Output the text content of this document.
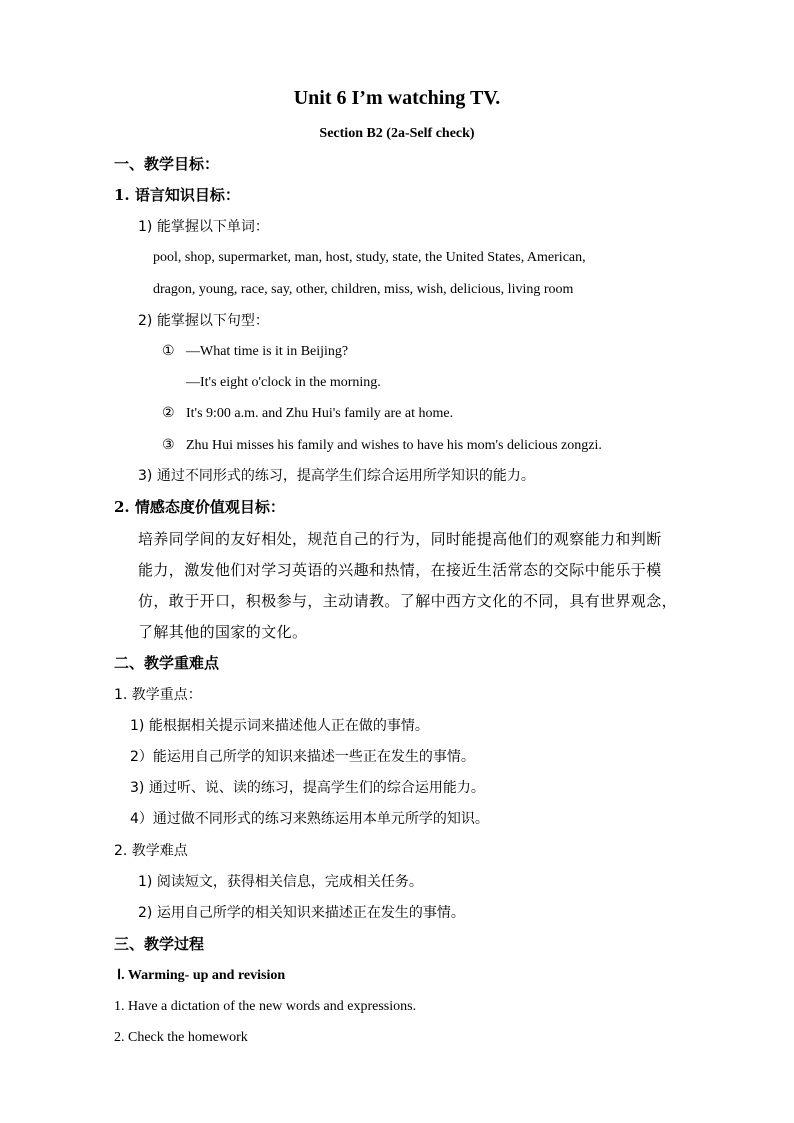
Unit 6 I’m watching TV.
Section B2 (2a-Self check)
一、教学目标：
1. 语言知识目标：
1) 能掌握以下单词：
pool, shop, supermarket, man, host, study, state, the United States, American,
dragon, young, race, say, other, children, miss, wish, delicious, living room
2) 能掌握以下句型：
① —What time is it in Beijing?
—It's eight o'clock in the morning.
② It's 9:00 a.m. and Zhu Hui's family are at home.
③ Zhu Hui misses his family and wishes to have his mom's delicious zongzi.
3) 通过不同形式的练习，提高学生们综合运用所学知识的能力。
2. 情感态度价值观目标：
培养同学间的友好相处，规范自己的行为，同时能提高他们的观察能力和判断
能力，激发他们对学习英语的兴趣和热情，在接近生活常态的交际中能乐于模
仿，敢于开口，积极参与，主动请教。了解中西方文化的不同，具有世界观念，
了解其他的国家的文化。
二、教学重难点
1. 教学重点：
1) 能根据相关提示词来描述他人正在做的事情。
2）能运用自己所学的知识来描述一些正在发生的事情。
3) 通过听、说、读的练习，提高学生们的综合运用能力。
4）通过做不同形式的练习来熟练运用本单元所学的知识。
2. 教学难点
1) 阅读短文，获得相关信息，完成相关任务。
2) 运用自己所学的相关知识来描述正在发生的事情。
三、教学过程
Ⅰ. Warming- up and revision
1. Have a dictation of the new words and expressions.
2. Check the homework
